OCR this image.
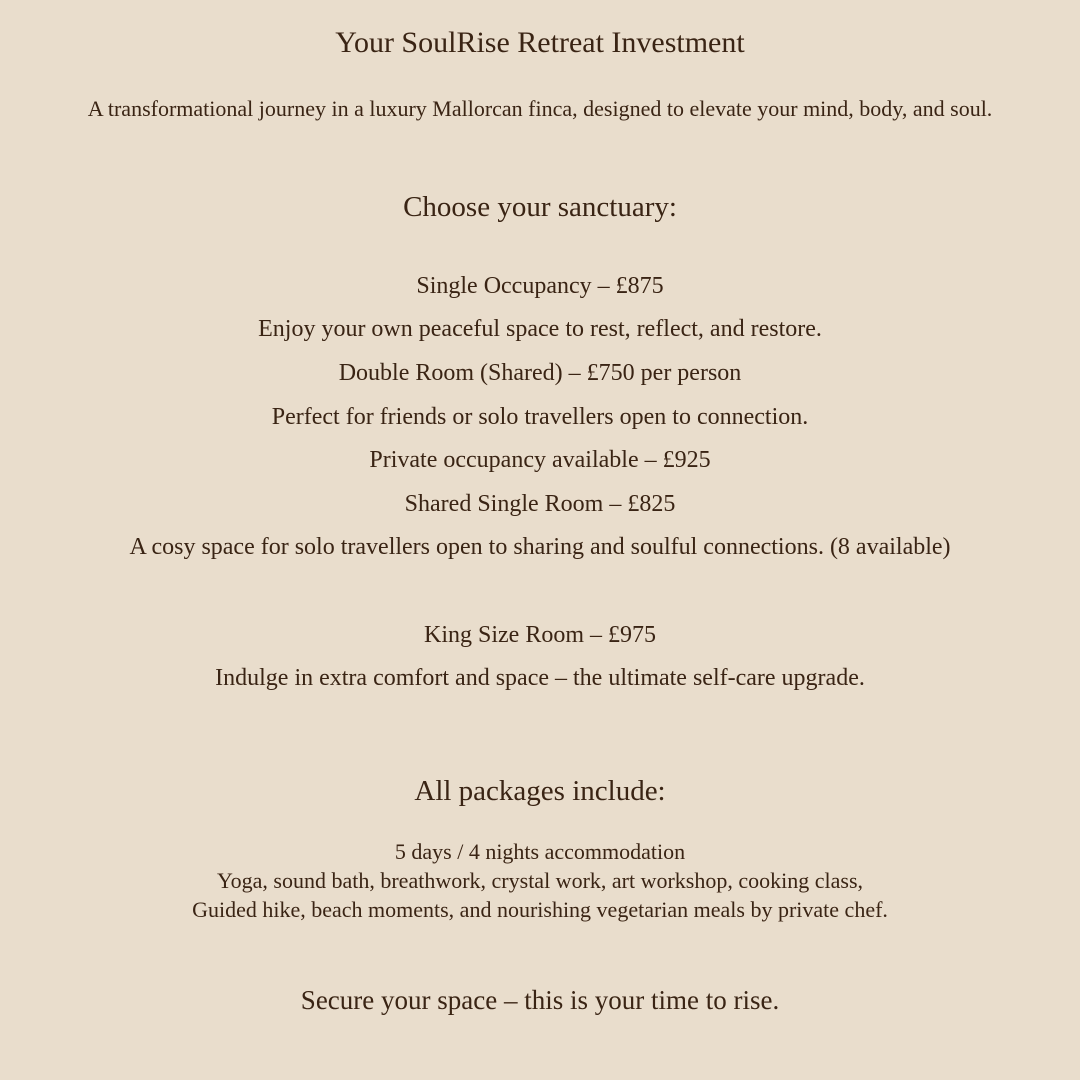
Your SoulRise Retreat Investment
A transformational journey in a luxury Mallorcan finca, designed to elevate your mind, body, and soul.
Choose your sanctuary:
Single Occupancy – £875
Enjoy your own peaceful space to rest, reflect, and restore.
Double Room (Shared) – £750 per person
Perfect for friends or solo travellers open to connection.
Private occupancy available – £925
Shared Single Room – £825
A cosy space for solo travellers open to sharing and soulful connections. (8 available)
King Size Room – £975
Indulge in extra comfort and space – the ultimate self-care upgrade.
All packages include:
5 days / 4 nights accommodation
Yoga, sound bath, breathwork, crystal work, art workshop, cooking class,
Guided hike, beach moments, and nourishing vegetarian meals by private chef.
Secure your space – this is your time to rise.
